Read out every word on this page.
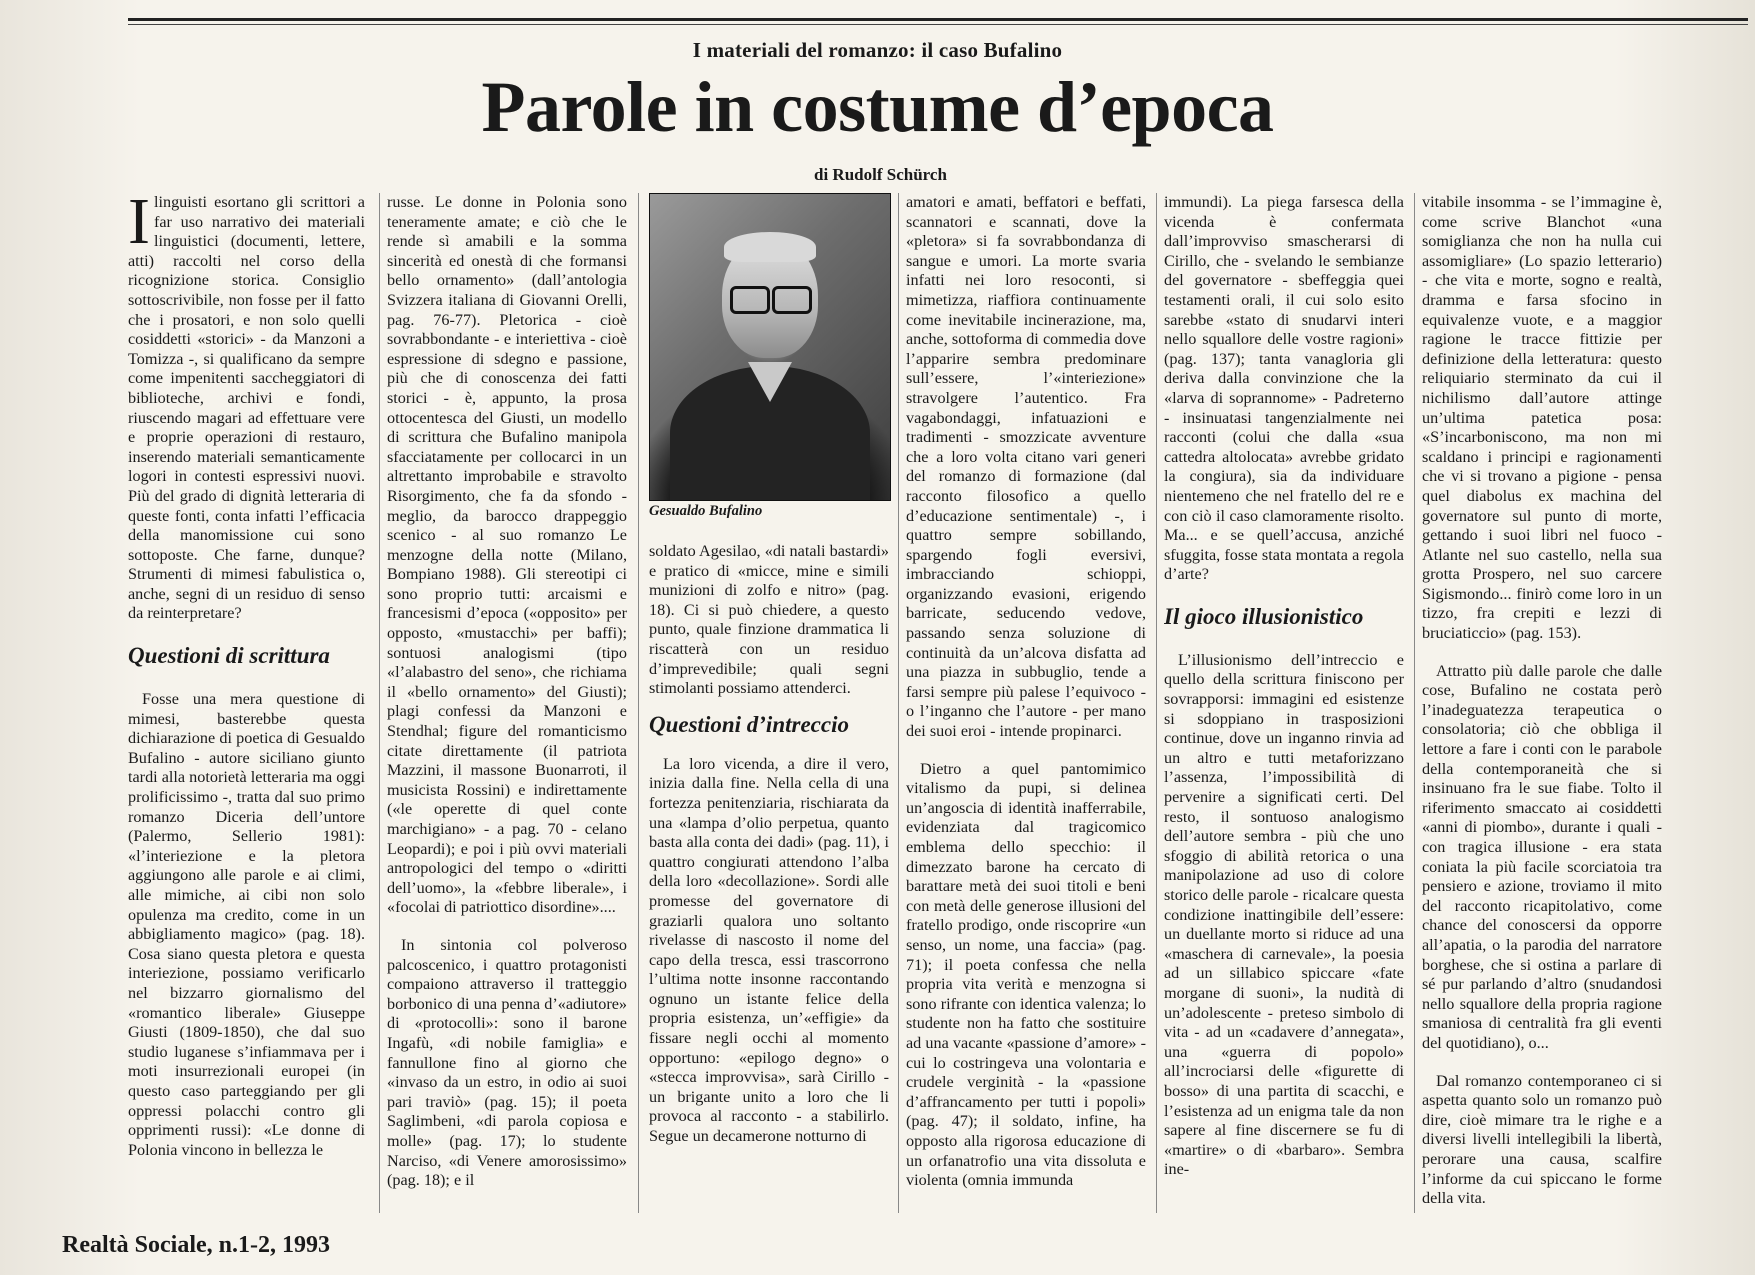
I materiali del romanzo: il caso Bufalino
Parole in costume d’epoca
di Rudolf Schürch

Ilinguisti esortano gli scrittori a far uso narrativo dei materiali linguistici (documenti, lettere, atti) raccolti nel corso della ricognizione storica. Consiglio sottoscrivibile, non fosse per il fatto che i prosatori, e non solo quelli cosiddetti «storici» - da Manzoni a Tomizza -, si qualificano da sempre come impenitenti saccheggiatori di biblioteche, archivi e fondi, riuscendo magari ad effettuare vere e proprie operazioni di restauro, inserendo materiali semanticamente logori in contesti espressivi nuovi. Più del grado di dignità letteraria di queste fonti, conta infatti l’efficacia della manomissione cui sono sottoposte. Che farne, dunque? Strumenti di mimesi fabulistica o, anche, segni di un residuo di senso da reinterpretare?

Questioni di scrittura

Fosse una mera questione di mimesi, basterebbe questa dichiarazione di poetica di Gesualdo Bufalino - autore siciliano giunto tardi alla notorietà letteraria ma oggi prolificissimo -, tratta dal suo primo romanzo Diceria dell’untore (Palermo, Sellerio 1981): «l’interiezione e la pletora aggiungono alle parole e ai climi, alle mimiche, ai cibi non solo opulenza ma credito, come in un abbigliamento magico» (pag. 18). Cosa siano questa pletora e questa interiezione, possiamo verificarlo nel bizzarro giornalismo del «romantico liberale» Giuseppe Giusti (1809-1850), che dal suo studio luganese s’infiammava per i moti insurrezionali europei (in questo caso parteggiando per gli oppressi polacchi contro gli opprimenti russi): «Le donne di Polonia vincono in bellezza le

russe. Le donne in Polonia sono teneramente amate; e ciò che le rende sì amabili e la somma sincerità ed onestà di che formansi bello ornamento» (dall’antologia Svizzera italiana di Giovanni Orelli, pag. 76-77). Pletorica - cioè sovrabbondante - e interiettiva - cioè espressione di sdegno e passione, più che di conoscenza dei fatti storici - è, appunto, la prosa ottocentesca del Giusti, un modello di scrittura che Bufalino manipola sfacciatamente per collocarci in un altrettanto improbabile e stravolto Risorgimento, che fa da sfondo - meglio, da barocco drappeggio scenico - al suo romanzo Le menzogne della notte (Milano, Bompiano 1988). Gli stereotipi ci sono proprio tutti: arcaismi e francesismi d’epoca («opposito» per opposto, «mustacchi» per baffi); sontuosi analogismi (tipo «l’alabastro del seno», che richiama il «bello ornamento» del Giusti); plagi confessi da Manzoni e Stendhal; figure del romanticismo citate direttamente (il patriota Mazzini, il massone Buonarroti, il musicista Rossini) e indirettamente («le operette di quel conte marchigiano» - a pag. 70 - celano Leopardi); e poi i più ovvi materiali antropologici del tempo o «diritti dell’uomo», la «febbre liberale», i «focolai di patriottico disordine»....

In sintonia col polveroso palcoscenico, i quattro protagonisti compaiono attraverso il tratteggio borbonico di una penna d’«adiutore» di «protocolli»: sono il barone Ingafù, «di nobile famiglia» e fannullone fino al giorno che «invaso da un estro, in odio ai suoi pari traviò» (pag. 15); il poeta Saglimbeni, «di parola copiosa e molle» (pag. 17); lo studente Narciso, «di Venere amorosissimo» (pag. 18); e il

Gesualdo Bufalino

soldato Agesilao, «di natali bastardi» e pratico di «micce, mine e simili munizioni di zolfo e nitro» (pag. 18). Ci si può chiedere, a questo punto, quale finzione drammatica li riscatterà con un residuo d’imprevedibile; quali segni stimolanti possiamo attenderci.

Questioni d’intreccio

La loro vicenda, a dire il vero, inizia dalla fine. Nella cella di una fortezza penitenziaria, rischiarata da una «lampa d’olio perpetua, quanto basta alla conta dei dadi» (pag. 11), i quattro congiurati attendono l’alba della loro «decollazione». Sordi alle promesse del governatore di graziarli qualora uno soltanto rivelasse di nascosto il nome del capo della tresca, essi trascorrono l’ultima notte insonne raccontando ognuno un istante felice della propria esistenza, un’«effigie» da fissare negli occhi al momento opportuno: «epilogo degno» o «stecca improvvisa», sarà Cirillo - un brigante unito a loro che li provoca al racconto - a stabilirlo. Segue un decamerone notturno di

amatori e amati, beffatori e beffati, scannatori e scannati, dove la «pletora» si fa sovrabbondanza di sangue e umori. La morte svaria infatti nei loro resoconti, si mimetizza, riaffiora continuamente come inevitabile incinerazione, ma, anche, sottoforma di commedia dove l’apparire sembra predominare sull’essere, l’«interiezione» stravolgere l’autentico. Fra vagabondaggi, infatuazioni e tradimenti - smozzicate avventure che a loro volta citano vari generi del romanzo di formazione (dal racconto filosofico a quello d’educazione sentimentale) -, i quattro sempre sobillando, spargendo fogli eversivi, imbracciando schioppi, organizzando evasioni, erigendo barricate, seducendo vedove, passando senza soluzione di continuità da un’alcova disfatta ad una piazza in subbuglio, tende a farsi sempre più palese l’equivoco - o l’inganno che l’autore - per mano dei suoi eroi - intende propinarci.

Dietro a quel pantomimico vitalismo da pupi, si delinea un’angoscia di identità inafferrabile, evidenziata dal tragicomico emblema dello specchio: il dimezzato barone ha cercato di barattare metà dei suoi titoli e beni con metà delle generose illusioni del fratello prodigo, onde riscoprire «un senso, un nome, una faccia» (pag. 71); il poeta confessa che nella propria vita verità e menzogna si sono rifrante con identica valenza; lo studente non ha fatto che sostituire ad una vacante «passione d’amore» - cui lo costringeva una volontaria e crudele verginità - la «passione d’affrancamento per tutti i popoli» (pag. 47); il soldato, infine, ha opposto alla rigorosa educazione di un orfanatrofio una vita dissoluta e violenta (omnia immunda

immundi). La piega farsesca della vicenda è confermata dall’improvviso smascherarsi di Cirillo, che - svelando le sembianze del governatore - sbeffeggia quei testamenti orali, il cui solo esito sarebbe «stato di snudarvi interi nello squallore delle vostre ragioni» (pag. 137); tanta vanagloria gli deriva dalla convinzione che la «larva di soprannome» - Padreterno - insinuatasi tangenzialmente nei racconti (colui che dalla «sua cattedra altolocata» avrebbe gridato la congiura), sia da individuare nientemeno che nel fratello del re e con ciò il caso clamoramente risolto. Ma... e se quell’accusa, anziché sfuggita, fosse stata montata a regola d’arte?

Il gioco illusionistico

L’illusionismo dell’intreccio e quello della scrittura finiscono per sovrapporsi: immagini ed esistenze si sdoppiano in trasposizioni continue, dove un inganno rinvia ad un altro e tutti metaforizzano l’assenza, l’impossibilità di pervenire a significati certi. Del resto, il sontuoso analogismo dell’autore sembra - più che uno sfoggio di abilità retorica o una manipolazione ad uso di colore storico delle parole - ricalcare questa condizione inattingibile dell’essere: un duellante morto si riduce ad una «maschera di carnevale», la poesia ad un sillabico spiccare «fate morgane di suoni», la nudità di un’adolescente - preteso simbolo di vita - ad un «cadavere d’annegata», una «guerra di popolo» all’incrociarsi delle «figurette di bosso» di una partita di scacchi, e l’esistenza ad un enigma tale da non sapere al fine discernere se fu di «martire» o di «barbaro». Sembra ine-

vitabile insomma - se l’immagine è, come scrive Blanchot «una somiglianza che non ha nulla cui assomigliare» (Lo spazio letterario) - che vita e morte, sogno e realtà, dramma e farsa sfocino in equivalenze vuote, e a maggior ragione le tracce fittizie per definizione della letteratura: questo reliquiario sterminato da cui il nichilismo dall’autore attinge un’ultima patetica posa: «S’incarboniscono, ma non mi scaldano i principi e ragionamenti che vi si trovano a pigione - pensa quel diabolus ex machina del governatore sul punto di morte, gettando i suoi libri nel fuoco - Atlante nel suo castello, nella sua grotta Prospero, nel suo carcere Sigismondo... finirò come loro in un tizzo, fra crepiti e lezzi di bruciaticcio» (pag. 153).

Attratto più dalle parole che dalle cose, Bufalino ne costata però l’inadeguatezza terapeutica o consolatoria; ciò che obbliga il lettore a fare i conti con le parabole della contemporaneità che si insinuano fra le sue fiabe. Tolto il riferimento smaccato ai cosiddetti «anni di piombo», durante i quali - con tragica illusione - era stata coniata la più facile scorciatoia tra pensiero e azione, troviamo il mito del racconto ricapitolativo, come chance del conoscersi da opporre all’apatia, o la parodia del narratore borghese, che si ostina a parlare di sé pur parlando d’altro (snudandosi nello squallore della propria ragione smaniosa di centralità fra gli eventi del quotidiano), o...

Dal romanzo contemporaneo ci si aspetta quanto solo un romanzo può dire, cioè mimare tra le righe e a diversi livelli intellegibili la libertà, perorare una causa, scalfire l’informe da cui spiccano le forme della vita.

Realtà Sociale, n.1-2, 1993
